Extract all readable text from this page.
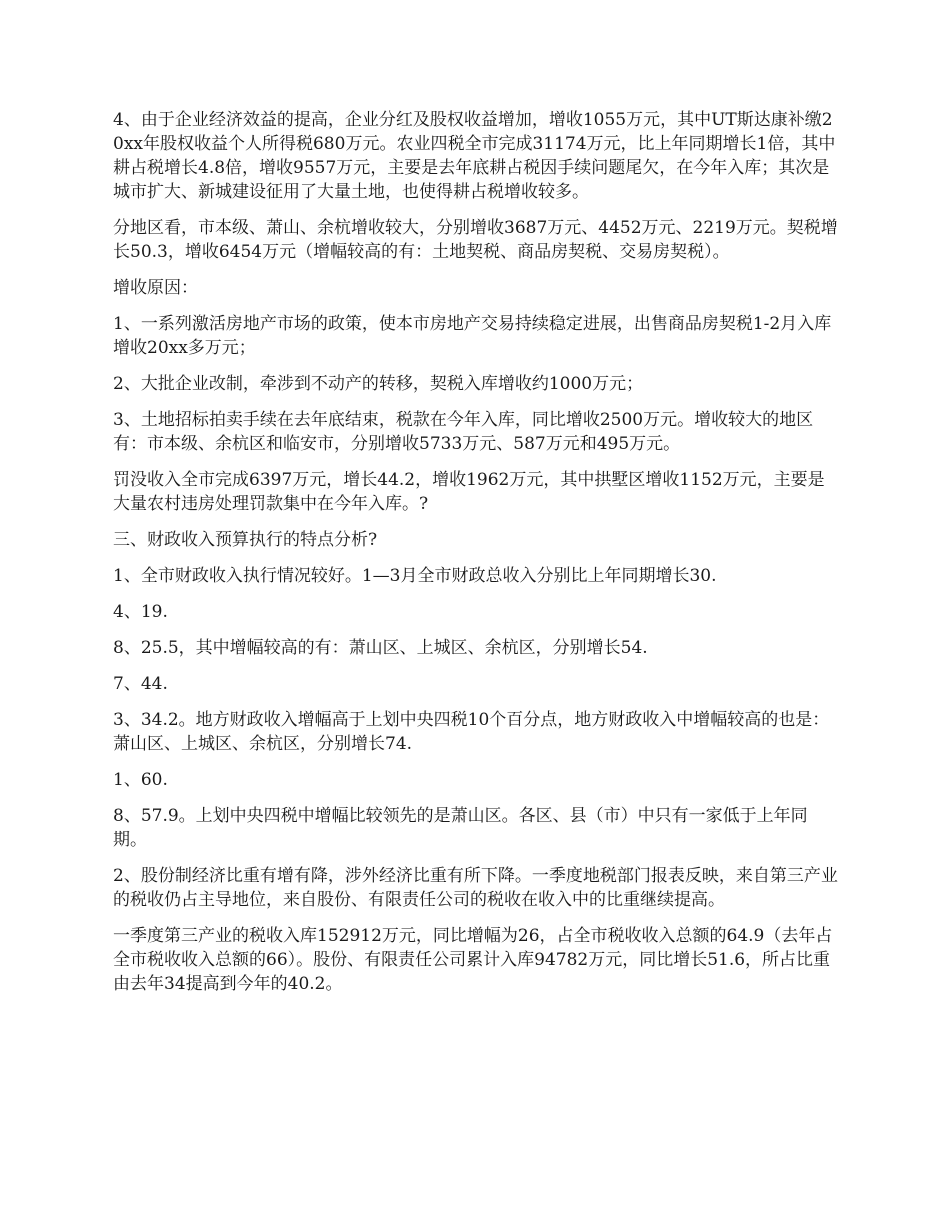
4、由于企业经济效益的提高，企业分红及股权收益增加，增收1055万元，其中UT斯达康补缴20xx年股权收益个人所得税680万元。农业四税全市完成31174万元，比上年同期增长1倍，其中耕占税增长4.8倍，增收9557万元，主要是去年底耕占税因手续问题尾欠，在今年入库；其次是城市扩大、新城建设征用了大量土地，也使得耕占税增收较多。

分地区看，市本级、萧山、余杭增收较大，分别增收3687万元、4452万元、2219万元。契税增长50.3，增收6454万元（增幅较高的有：土地契税、商品房契税、交易房契税）。

增收原因：

1、一系列激活房地产市场的政策，使本市房地产交易持续稳定进展，出售商品房契税1-2月入库增收20xx多万元；

2、大批企业改制，牵涉到不动产的转移，契税入库增收约1000万元；

3、土地招标拍卖手续在去年底结束，税款在今年入库，同比增收2500万元。增收较大的地区有：市本级、余杭区和临安市，分别增收5733万元、587万元和495万元。

罚没收入全市完成6397万元，增长44.2，增收1962万元，其中拱墅区增收1152万元，主要是大量农村违房处理罚款集中在今年入库。?

三、财政收入预算执行的特点分析?

1、全市财政收入执行情况较好。1—3月全市财政总收入分别比上年同期增长30.

4、19.

8、25.5，其中增幅较高的有：萧山区、上城区、余杭区，分别增长54.

7、44.

3、34.2。地方财政收入增幅高于上划中央四税10个百分点，地方财政收入中增幅较高的也是：萧山区、上城区、余杭区，分别增长74.

1、60.

8、57.9。上划中央四税中增幅比较领先的是萧山区。各区、县（市）中只有一家低于上年同期。

2、股份制经济比重有增有降，涉外经济比重有所下降。一季度地税部门报表反映，来自第三产业的税收仍占主导地位，来自股份、有限责任公司的税收在收入中的比重继续提高。

一季度第三产业的税收入库152912万元，同比增幅为26，占全市税收收入总额的64.9（去年占全市税收收入总额的66）。股份、有限责任公司累计入库94782万元，同比增长51.6，所占比重由去年34提高到今年的40.2。
